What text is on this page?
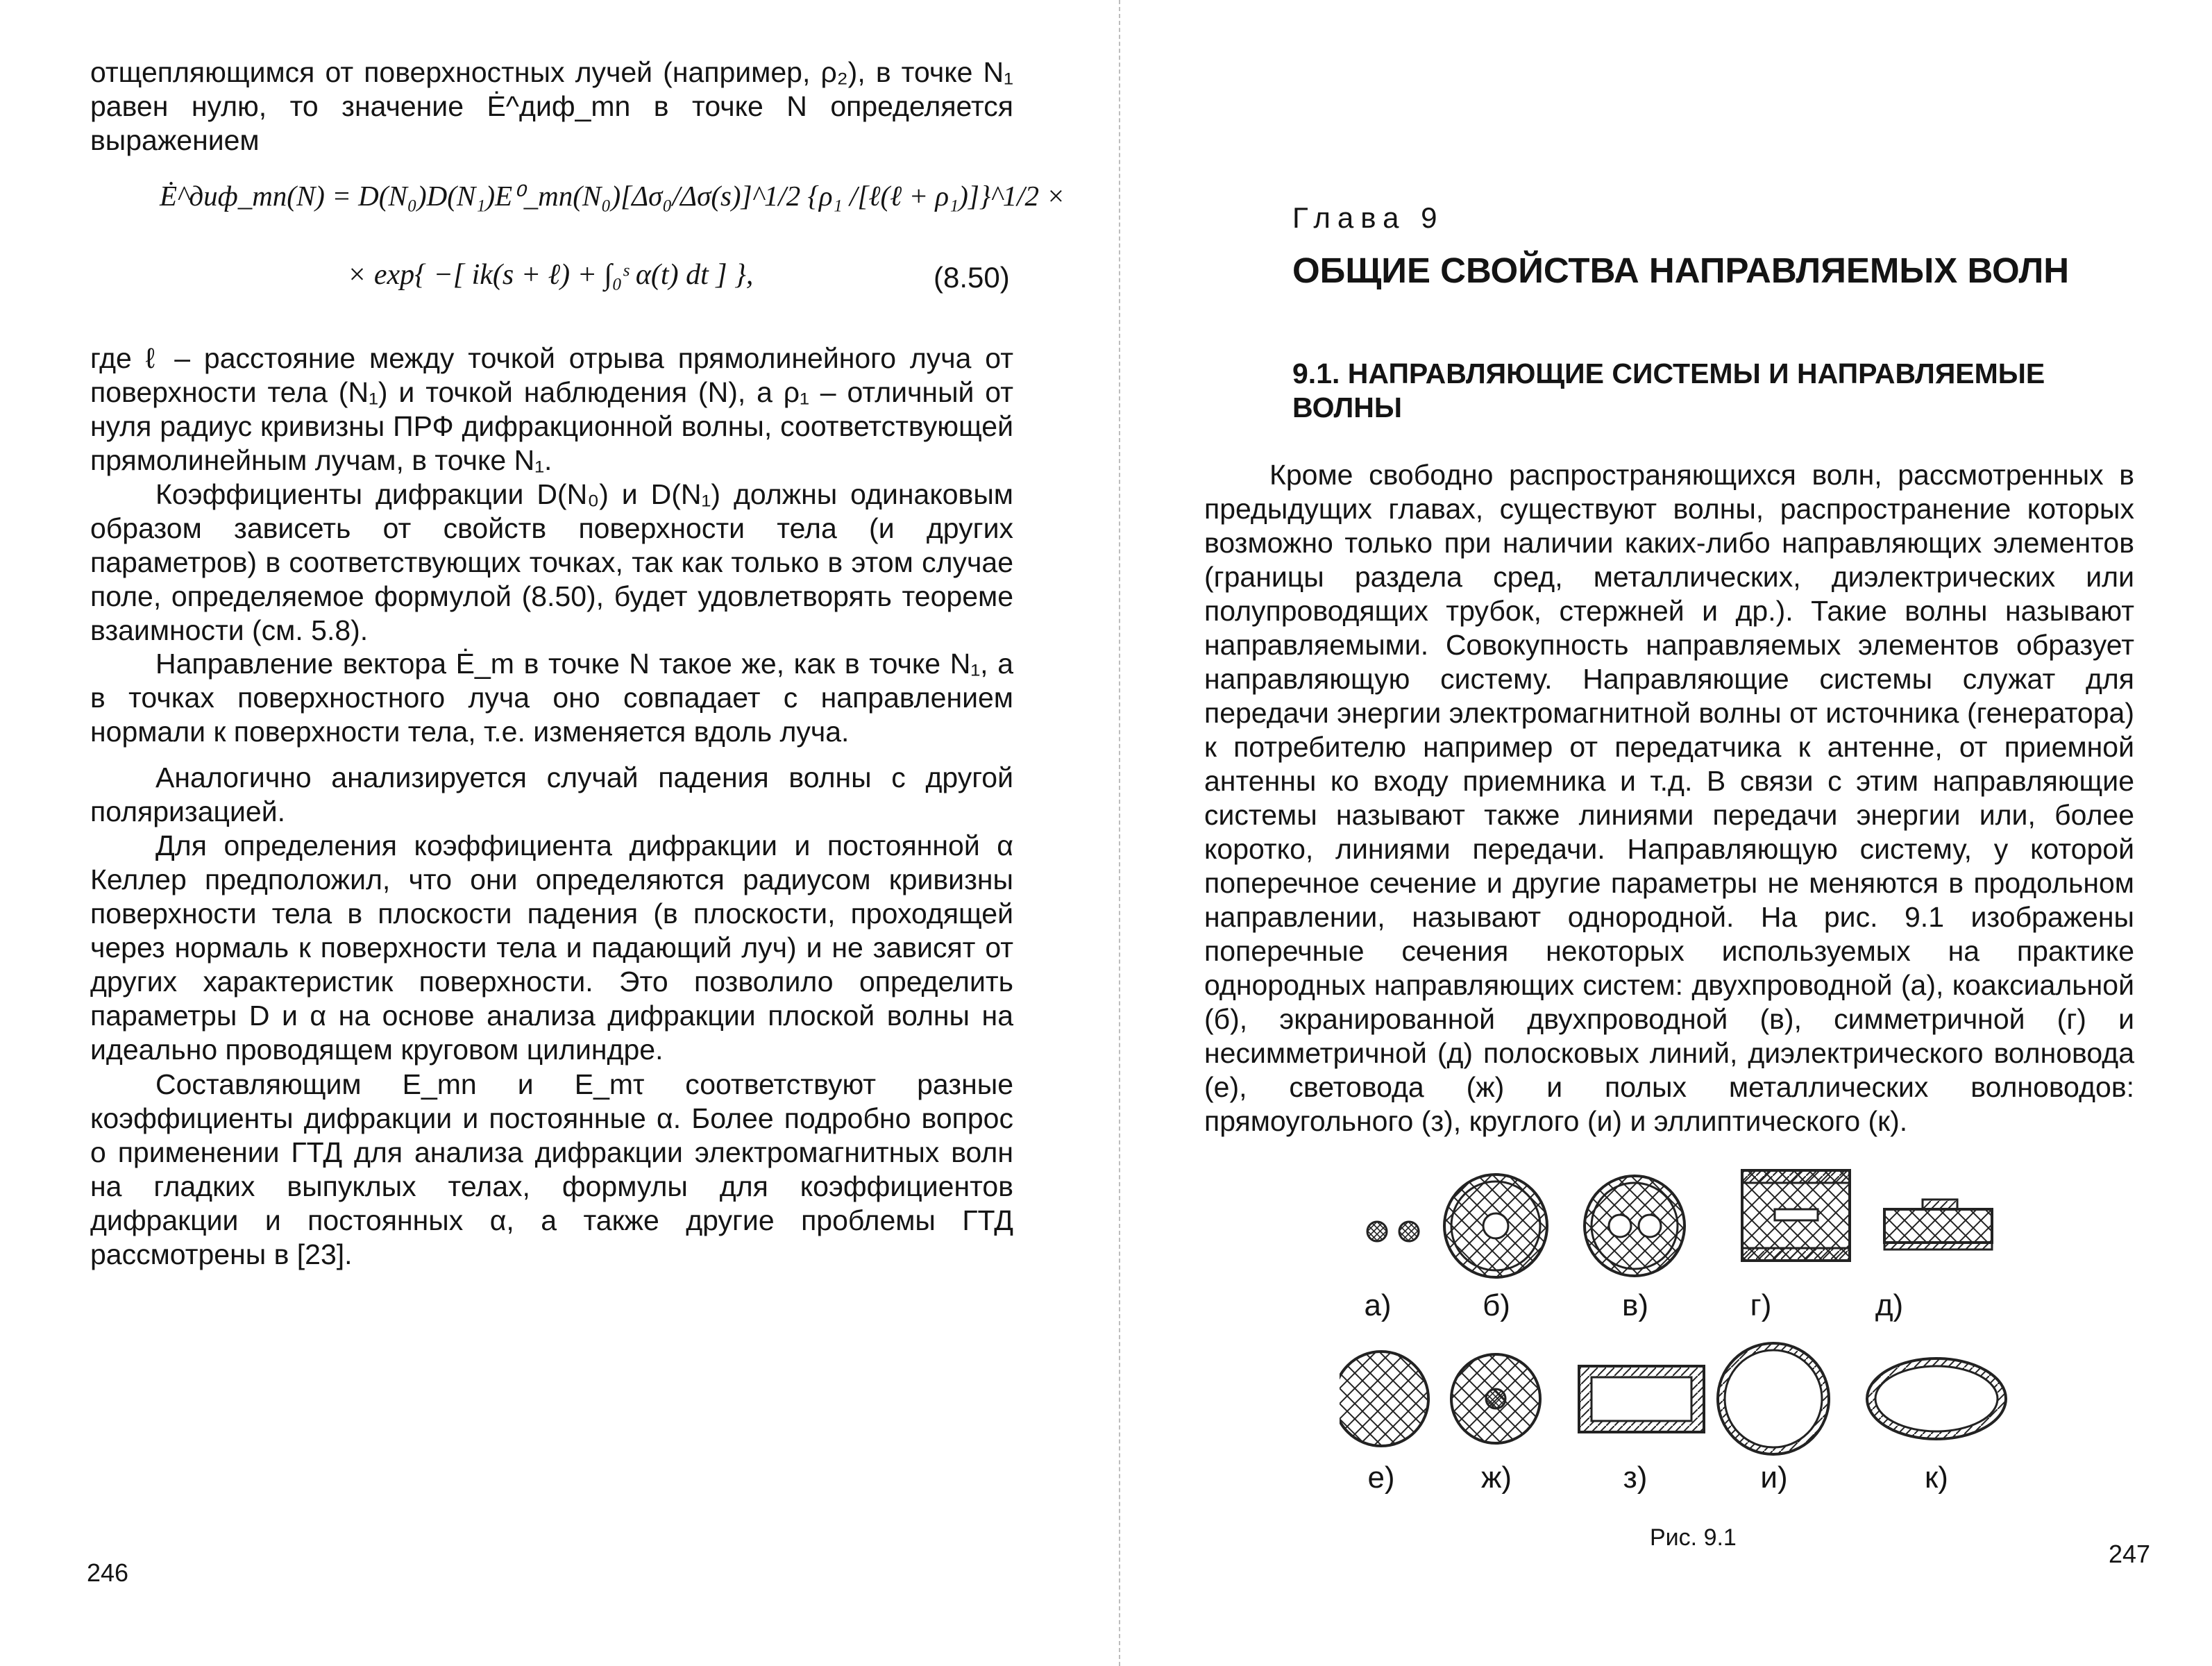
отщепляющимся от поверхностных лучей (например, ρ₂), в точке N₁ равен нулю, то значение Ė^диф_mn в точке N определяется выражением

Ė^диф_mn(N) = D(N₀)D(N₁)E⁰_mn(N₀)[Δσ₀/Δσ(s)]^1/2 {ρ₁ /[ℓ(ℓ + ρ₁)]}^1/2 ×
× exp{ −[ ik(s + ℓ) + ∫₀ˢ α(t) dt ] },	(8.50)

где ℓ – расстояние между точкой отрыва прямолинейного луча от поверхности тела (N₁) и точкой наблюдения (N), а ρ₁ – отличный от нуля радиус кривизны ПРФ дифракционной волны, соответствующей прямолинейным лучам, в точке N₁.

Коэффициенты дифракции D(N₀) и D(N₁) должны одинаковым образом зависеть от свойств поверхности тела (и других параметров) в соответствующих точках, так как только в этом случае поле, определяемое формулой (8.50), будет удовлетворять теореме взаимности (см. 5.8).

Направление вектора Ė_m в точке N такое же, как в точке N₁, а в точках поверхностного луча оно совпадает с направлением нормали к поверхности тела, т.е. изменяется вдоль луча.

Аналогично анализируется случай падения волны с другой поляризацией.

Для определения коэффициента дифракции и постоянной α Келлер предположил, что они определяются радиусом кривизны поверхности тела в плоскости падения (в плоскости, проходящей через нормаль к поверхности тела и падающий луч) и не зависят от других характеристик поверхности. Это позволило определить параметры D и α на основе анализа дифракции плоской волны на идеально проводящем круговом цилиндре.

Составляющим E_mn и E_mτ соответствуют разные коэффициенты дифракции и постоянные α. Более подробно вопрос о применении ГТД для анализа дифракции электромагнитных волн на гладких выпуклых телах, формулы для коэффициентов дифракции и постоянных α, а также другие проблемы ГТД рассмотрены в [23].

246
Глава 9
ОБЩИЕ СВОЙСТВА НАПРАВЛЯЕМЫХ ВОЛН
9.1. НАПРАВЛЯЮЩИЕ СИСТЕМЫ И НАПРАВЛЯЕМЫЕ ВОЛНЫ

Кроме свободно распространяющихся волн, рассмотренных в предыдущих главах, существуют волны, распространение которых возможно только при наличии каких-либо направляющих элементов (границы раздела сред, металлических, диэлектрических или полупроводящих трубок, стержней и др.). Такие волны называют направляемыми. Совокупность направляемых элементов образует направляющую систему. Направляющие системы служат для передачи энергии электромагнитной волны от источника (генератора) к потребителю например от передатчика к антенне, от приемной антенны ко входу приемника и т.д. В связи с этим направляющие системы называют также линиями передачи энергии или, более коротко, линиями передачи. Направляющую систему, у которой поперечное сечение и другие параметры не меняются в продольном направлении, называют однородной. На рис. 9.1 изображены поперечные сечения некоторых используемых на практике однородных направляющих систем: двухпроводной (а), коаксиальной (б), экранированной двухпроводной (в), симметричной (г) и несимметричной (д) полосковых линий, диэлектрического волновода (е), световода (ж) и полых металлических волноводов: прямоугольного (з), круглого (и) и эллиптического (к).

а)	б)	в)	г)	д)
е)	ж)	з)	и)	к)
Рис. 9.1
247
